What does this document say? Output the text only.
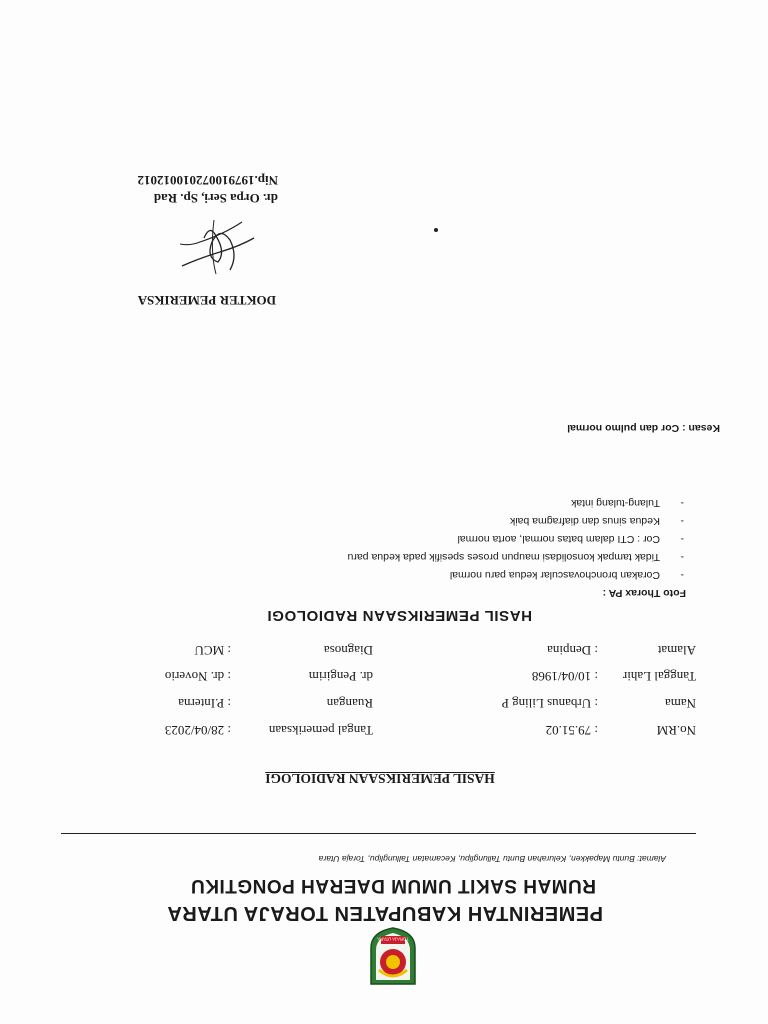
TORAJA UTARA
PEMERINTAH KABUPATEN TORAJA UTARA
RUMAH SAKIT UMUM DAERAH PONGTIKU
Alamat: Buntu Mapakken, Kelurahan Buntu Tallunglipu, Kecamatan Tallunglipu, Toraja Utara
HASIL PEMERIKSAAN RADIOLOGI
No.RM
: 79.51.02
Tangal pemeriksaan
: 28/04/2023
Nama
: Urbanus Liling P
Ruangan
: P.Interna
Tanggal Lahir
: 10/04/1968
dr. Pengirim
: dr. Noverio
Alamat
: Denpina
Diagnosa
: MCU
HASIL PEMERIKSAAN RADIOLOGI
Foto Thorax PA :
-Corakan bronchovascular kedua paru normal
-Tidak tampak konsolidasi maupun proses spesifik pada kedua paru
-Cor : CTI dalam batas normal, aorta normal
-Kedua sinus dan diafragma baik
-Tulang-tulang intak
Kesan : Cor dan pulmo normal
DOKTER PEMERIKSA
dr. Orpa Seri, Sp. Rad
Nip.197910072010012012
